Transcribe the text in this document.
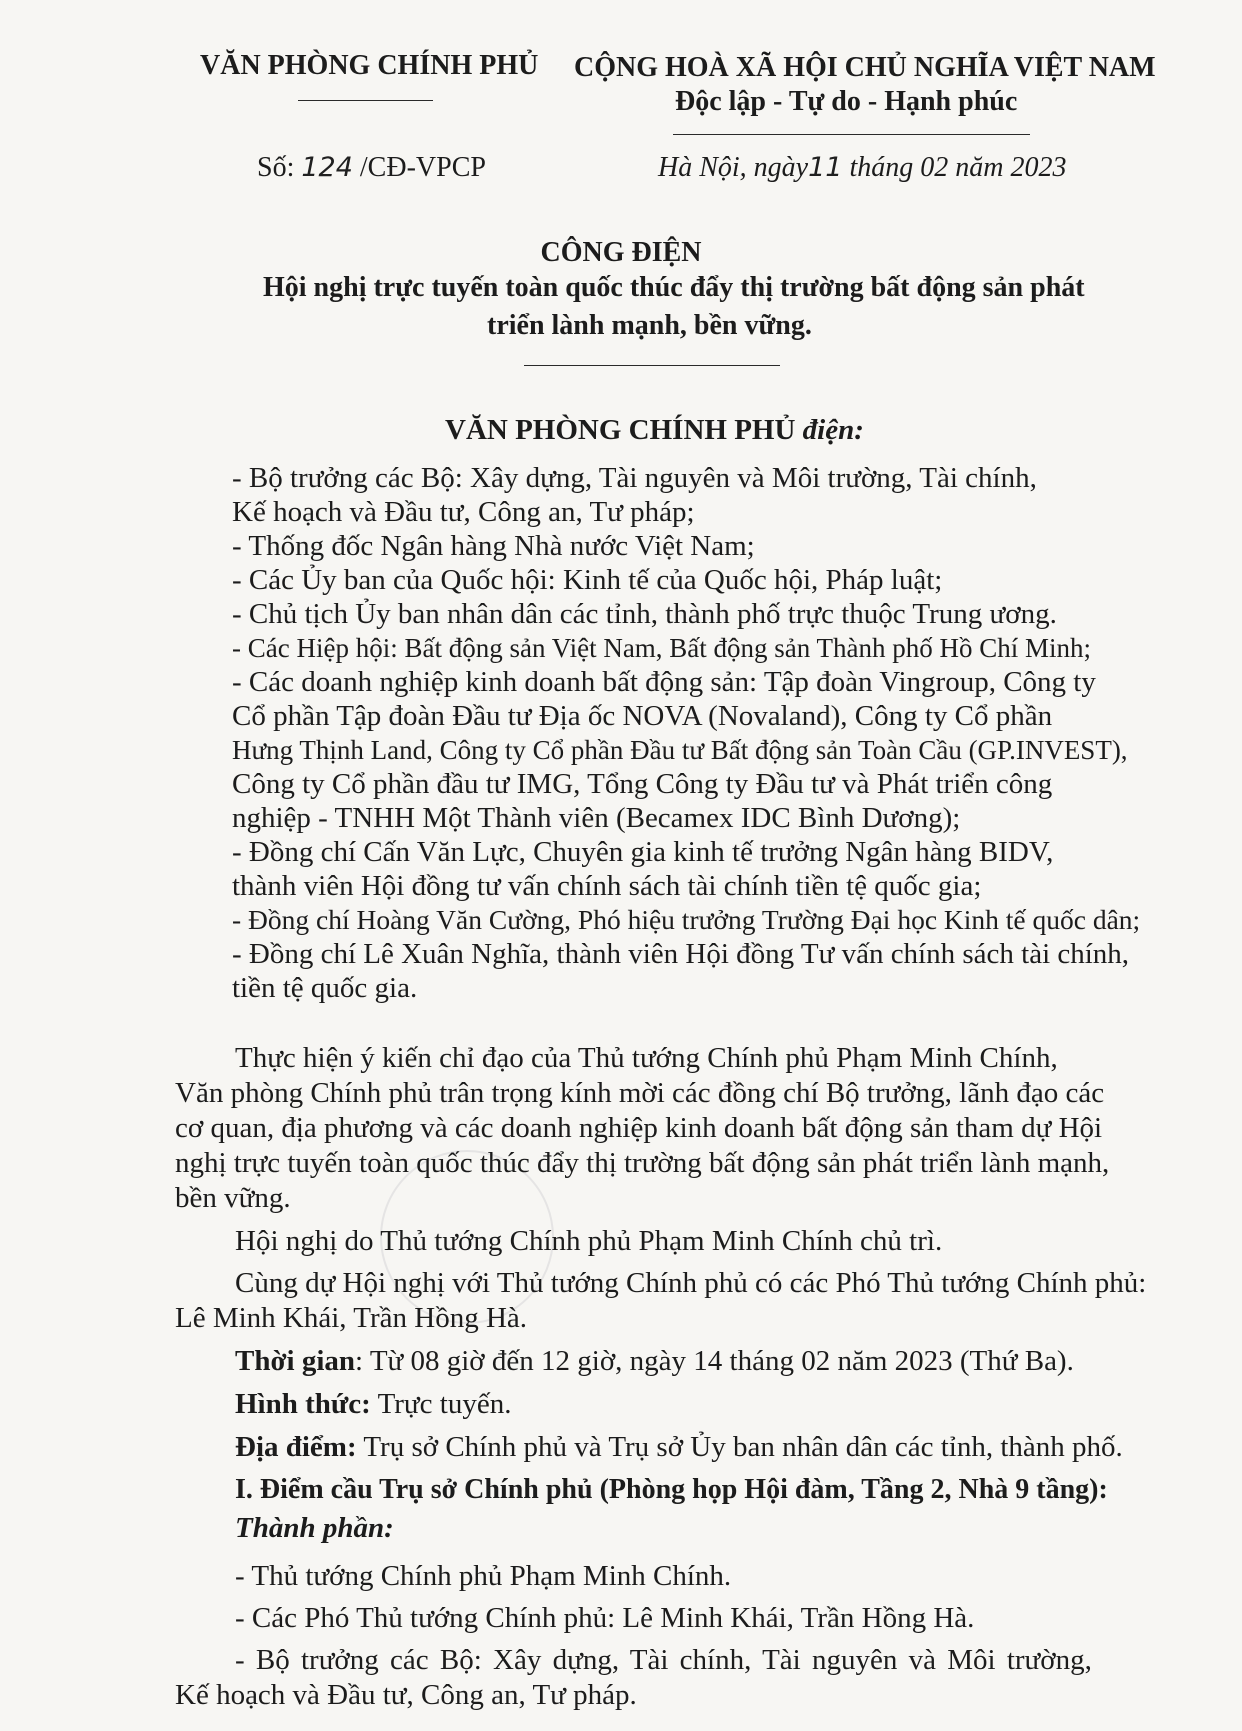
VĂN PHÒNG CHÍNH PHỦ CỘNG HOÀ XÃ HỘI CHỦ NGHĨA VIỆT NAM
Độc lập - Tự do - Hạnh phúc
Số: 124 /CĐ-VPCP	Hà Nội, ngày11 tháng 02 năm 2023
CÔNG ĐIỆN
Hội nghị trực tuyến toàn quốc thúc đẩy thị trường bất động sản phát
triển lành mạnh, bền vững.
VĂN PHÒNG CHÍNH PHỦ điện:
- Bộ trưởng các Bộ: Xây dựng, Tài nguyên và Môi trường, Tài chính,
Kế hoạch và Đầu tư, Công an, Tư pháp;
- Thống đốc Ngân hàng Nhà nước Việt Nam;
- Các Ủy ban của Quốc hội: Kinh tế của Quốc hội, Pháp luật;
- Chủ tịch Ủy ban nhân dân các tỉnh, thành phố trực thuộc Trung ương.
- Các Hiệp hội: Bất động sản Việt Nam, Bất động sản Thành phố Hồ Chí Minh;
- Các doanh nghiệp kinh doanh bất động sản: Tập đoàn Vingroup, Công ty
Cổ phần Tập đoàn Đầu tư Địa ốc NOVA (Novaland), Công ty Cổ phần
Hưng Thịnh Land, Công ty Cổ phần Đầu tư Bất động sản Toàn Cầu (GP.INVEST),
Công ty Cổ phần đầu tư IMG, Tổng Công ty Đầu tư và Phát triển công
nghiệp - TNHH Một Thành viên (Becamex IDC Bình Dương);
- Đồng chí Cấn Văn Lực, Chuyên gia kinh tế trưởng Ngân hàng BIDV,
thành viên Hội đồng tư vấn chính sách tài chính tiền tệ quốc gia;
- Đồng chí Hoàng Văn Cường, Phó hiệu trưởng Trường Đại học Kinh tế quốc dân;
- Đồng chí Lê Xuân Nghĩa, thành viên Hội đồng Tư vấn chính sách tài chính,
tiền tệ quốc gia.
Thực hiện ý kiến chỉ đạo của Thủ tướng Chính phủ Phạm Minh Chính,
Văn phòng Chính phủ trân trọng kính mời các đồng chí Bộ trưởng, lãnh đạo các
cơ quan, địa phương và các doanh nghiệp kinh doanh bất động sản tham dự Hội
nghị trực tuyến toàn quốc thúc đẩy thị trường bất động sản phát triển lành mạnh,
bền vững.
Hội nghị do Thủ tướng Chính phủ Phạm Minh Chính chủ trì.
Cùng dự Hội nghị với Thủ tướng Chính phủ có các Phó Thủ tướng Chính phủ:
Lê Minh Khái, Trần Hồng Hà.
Thời gian: Từ 08 giờ đến 12 giờ, ngày 14 tháng 02 năm 2023 (Thứ Ba).
Hình thức: Trực tuyến.
Địa điểm: Trụ sở Chính phủ và Trụ sở Ủy ban nhân dân các tỉnh, thành phố.
I. Điểm cầu Trụ sở Chính phủ (Phòng họp Hội đàm, Tầng 2, Nhà 9 tầng):
Thành phần:
- Thủ tướng Chính phủ Phạm Minh Chính.
- Các Phó Thủ tướng Chính phủ: Lê Minh Khái, Trần Hồng Hà.
- Bộ trưởng các Bộ: Xây dựng, Tài chính, Tài nguyên và Môi trường,
Kế hoạch và Đầu tư, Công an, Tư pháp.
